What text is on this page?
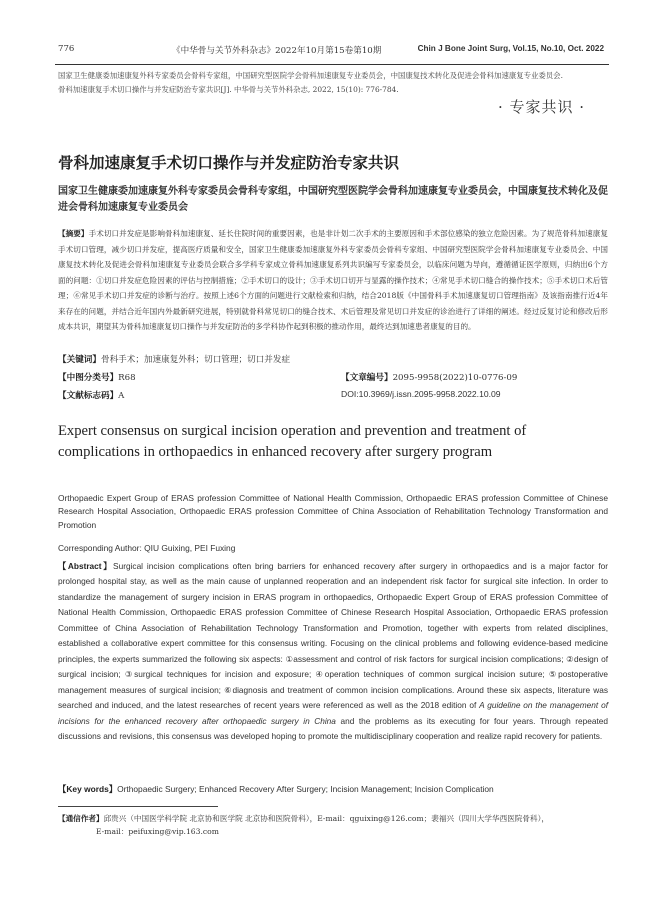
776	《中华骨与关节外科杂志》2022年10月第15卷第10期	Chin J Bone Joint Surg, Vol.15, No.10, Oct. 2022
国家卫生健康委加速康复外科专家委员会骨科专家组，中国研究型医院学会骨科加速康复专业委员会，中国康复技术转化及促进会骨科加速康复专业委员会.
骨科加速康复手术切口操作与并发症防治专家共识[J]. 中华骨与关节外科杂志, 2022, 15(10): 776-784.
· 专家共识 ·
骨科加速康复手术切口操作与并发症防治专家共识
国家卫生健康委加速康复外科专家委员会骨科专家组，中国研究型医院学会骨科加速康复专业委员会，中国康复技术转化及促进会骨科加速康复专业委员会
【摘要】手术切口并发症是影响骨科加速康复、延长住院时间的重要因素，也是非计划二次手术的主要原因和手术部位感染的独立危险因素。为了规范骨科加速康复手术切口管理，减少切口并发症，提高医疗质量和安全，国家卫生健康委加速康复外科专家委员会骨科专家组、中国研究型医院学会骨科加速康复专业委员会、中国康复技术转化及促进会骨科加速康复专业委员会联合多学科专家成立骨科加速康复系列共识编写专家委员会，以临床问题为导向，遵循循证医学原则，归纳出6个方面的问题：①切口并发症危险因素的评估与控制措施；②手术切口的设计；③手术切口切开与显露的操作技术；④常见手术切口缝合的操作技术；⑤手术切口术后管理；⑥常见手术切口并发症的诊断与治疗。按照上述6个方面的问题进行文献检索和归纳，结合2018版《中国骨科手术加速康复切口管理指南》及该指南推行近4年来存在的问题，并结合近年国内外最新研究进展，特别就骨科常见切口的缝合技术、术后管理及常见切口并发症的诊治进行了详细的阐述。经过反复讨论和修改后形成本共识，期望其为骨科加速康复切口操作与并发症防治的多学科协作起到积极的推动作用，最终达到加速患者康复的目的。
【关键词】骨科手术；加速康复外科；切口管理；切口并发症
【中图分类号】R68	【文章编号】2095-9958(2022)10-0776-09
【文献标志码】A	DOI:10.3969/j.issn.2095-9958.2022.10.09
Expert consensus on surgical incision operation and prevention and treatment of complications in orthopaedics in enhanced recovery after surgery program
Orthopaedic Expert Group of ERAS profession Committee of National Health Commission, Orthopaedic ERAS profession Committee of Chinese Research Hospital Association, Orthopaedic ERAS profession Committee of China Association of Rehabilitation Technology Transformation and Promotion
Corresponding Author: QIU Guixing, PEI Fuxing
【Abstract】Surgical incision complications often bring barriers for enhanced recovery after surgery in orthopaedics and is a major factor for prolonged hospital stay, as well as the main cause of unplanned reoperation and an independent risk factor for surgical site infection. In order to standardize the management of surgery incision in ERAS program in orthopaedics, Orthopaedic Expert Group of ERAS profession Committee of National Health Commission, Orthopaedic ERAS profession Committee of Chinese Research Hospital Association, Orthopaedic ERAS profession Committee of China Association of Rehabilitation Technology Transformation and Promotion, together with experts from related disciplines, established a collaborative expert committee for this consensus writing. Focusing on the clinical problems and following evidence-based medicine principles, the experts summarized the following six aspects: ①assessment and control of risk factors for surgical incision complications; ②design of surgical incision; ③surgical techniques for incision and exposure; ④operation techniques of common surgical incision suture; ⑤postoperative management measures of surgical incision; ⑥diagnosis and treatment of common incision complications. Around these six aspects, literature was searched and induced, and the latest researches of recent years were referenced as well as the 2018 edition of A guideline on the management of incisions for the enhanced recovery after orthopaedic surgery in China and the problems as its executing for four years. Through repeated discussions and revisions, this consensus was developed hoping to promote the multidisciplinary cooperation and realize rapid recovery for patients.
【Key words】Orthopaedic Surgery; Enhanced Recovery After Surgery; Incision Management; Incision Complication
【通信作者】邱贵兴（中国医学科学院 北京协和医学院 北京协和医院骨科），E-mail：qguixing@126.com；裴福兴（四川大学华西医院骨科），
E-mail：peifuxing@vip.163.com
